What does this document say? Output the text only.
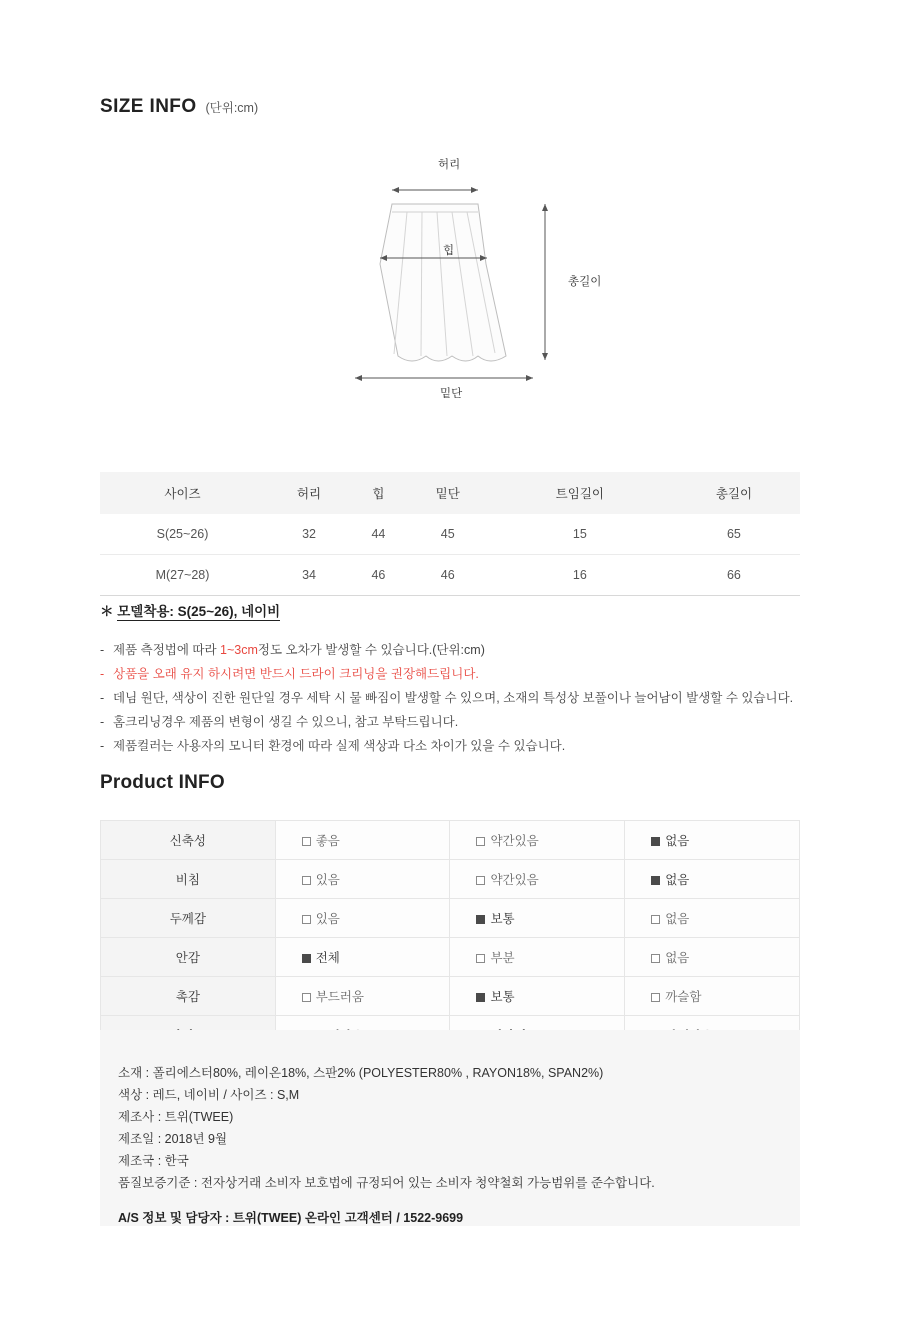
SIZE INFO (단위:cm)
허리
힙
밑단
총길이
사이즈	허리	힙	밑단	트임길이	총길이
S(25~26)	32	44	45	15	65
M(27~28)	34	46	46	16	66
＊ 모델착용: S(25~26), 네이비
- 제품 측정법에 따라 1~3cm정도 오차가 발생할 수 있습니다.(단위:cm)
- 상품을 오래 유지 하시려면 반드시 드라이 크리닝을 권장해드립니다.
- 데님 원단, 색상이 진한 원단일 경우 세탁 시 물 빠짐이 발생할 수 있으며, 소재의 특성상 보풀이나 늘어남이 발생할 수 있습니다.
- 홈크리닝경우 제품의 변형이 생길 수 있으니, 참고 부탁드립니다.
- 제품컬러는 사용자의 모니터 환경에 따라 실제 색상과 다소 차이가 있을 수 있습니다.
Product INFO
신축성	좋음	약간있음	없음
비침	있음	약간있음	없음
두께감	있음	보통	없음
안감	전체	부분	없음
촉감	부드러움	보통	까슬함

소재 : 폴리에스터80%, 레이온18%, 스판2% (POLYESTER80% , RAYON18%, SPAN2%)
색상 : 레드, 네이비 / 사이즈 : S,M
제조사 : 트위(TWEE)
제조일 : 2018년 9월
제조국 : 한국
품질보증기준 : 전자상거래 소비자 보호법에 규정되어 있는 소비자 청약철회 가능범위를 준수합니다.
A/S 정보 및 담당자 : 트위(TWEE) 온라인 고객센터 / 1522-9699
